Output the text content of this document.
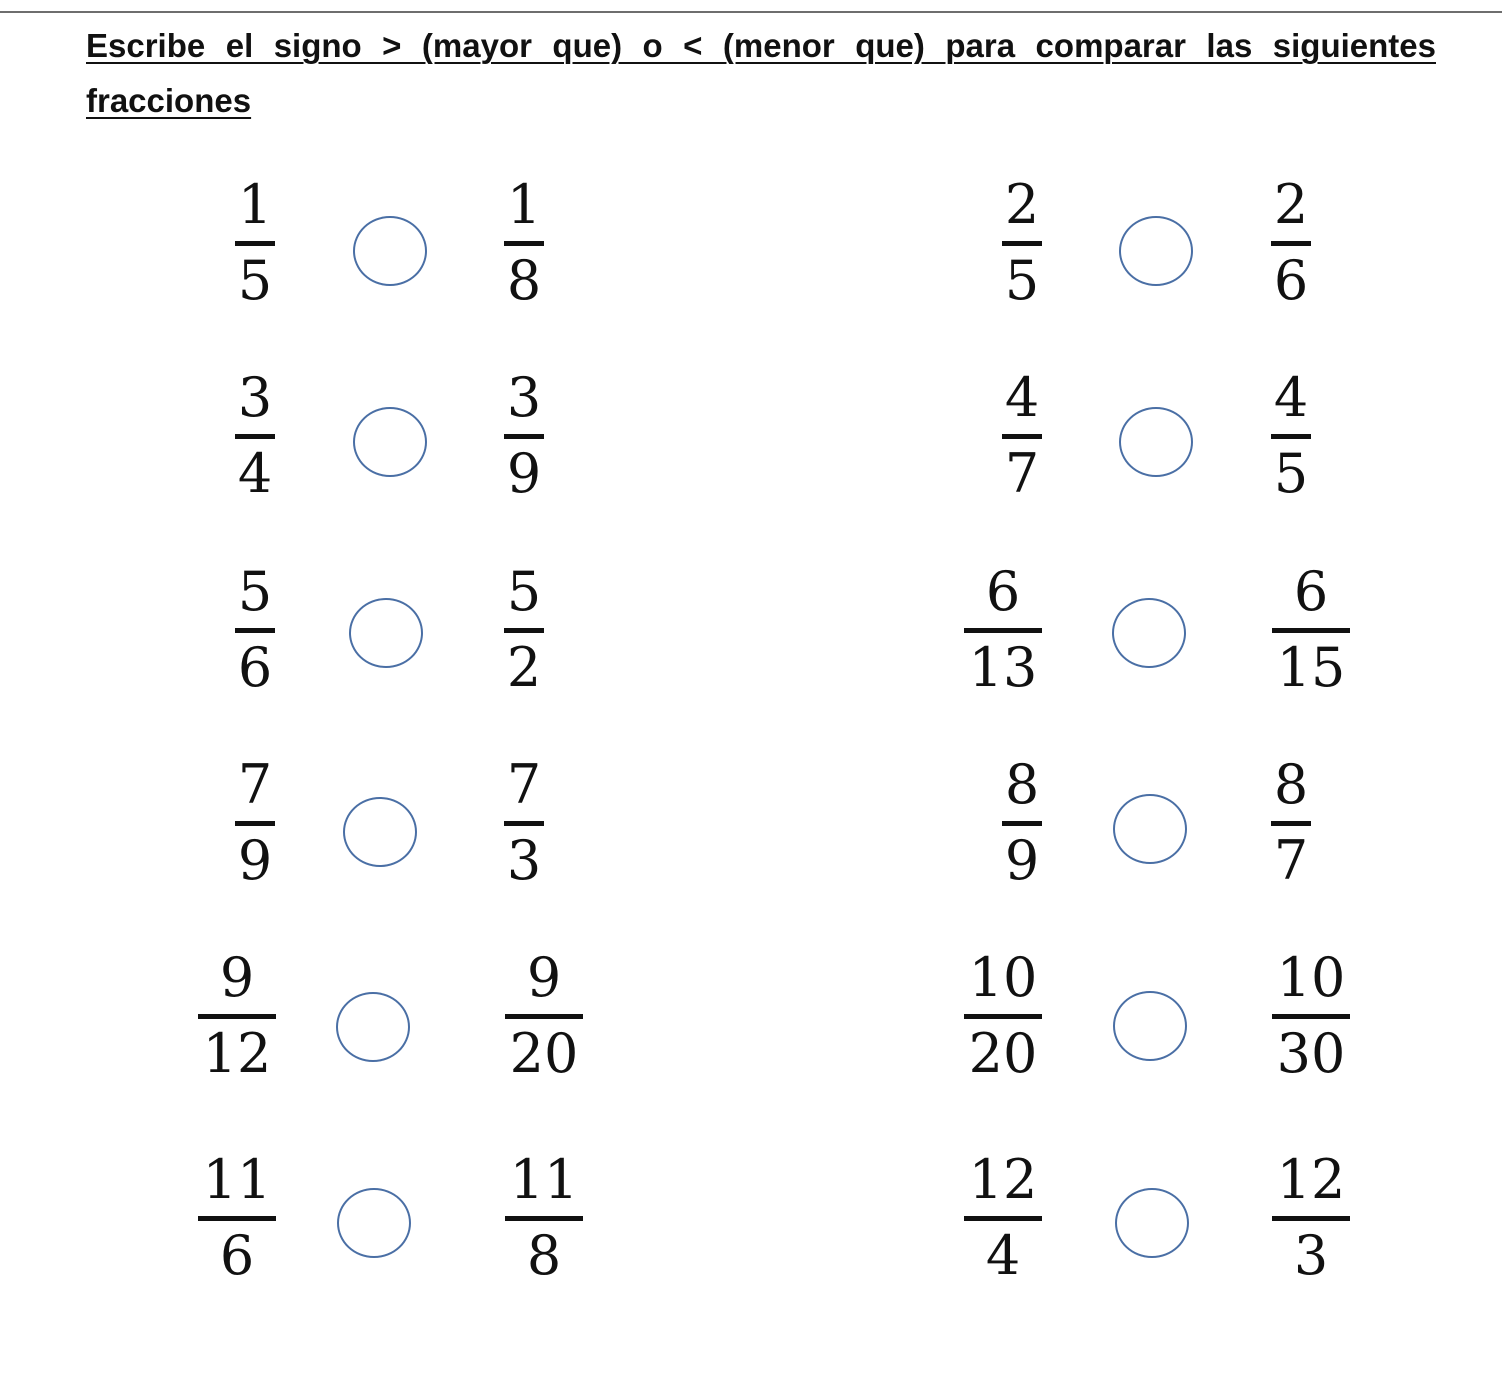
Escribe el signo > (mayor que) o < (menor que) para comparar las siguientes fracciones

1
5
1
8
2
5
2
6
3
4
3
9
4
7
4
5
5
6
5
2
6
13
6
15
7
9
7
3
8
9
8
7
9
12
9
20
10
20
10
30
11
6
11
8
12
4
12
3
